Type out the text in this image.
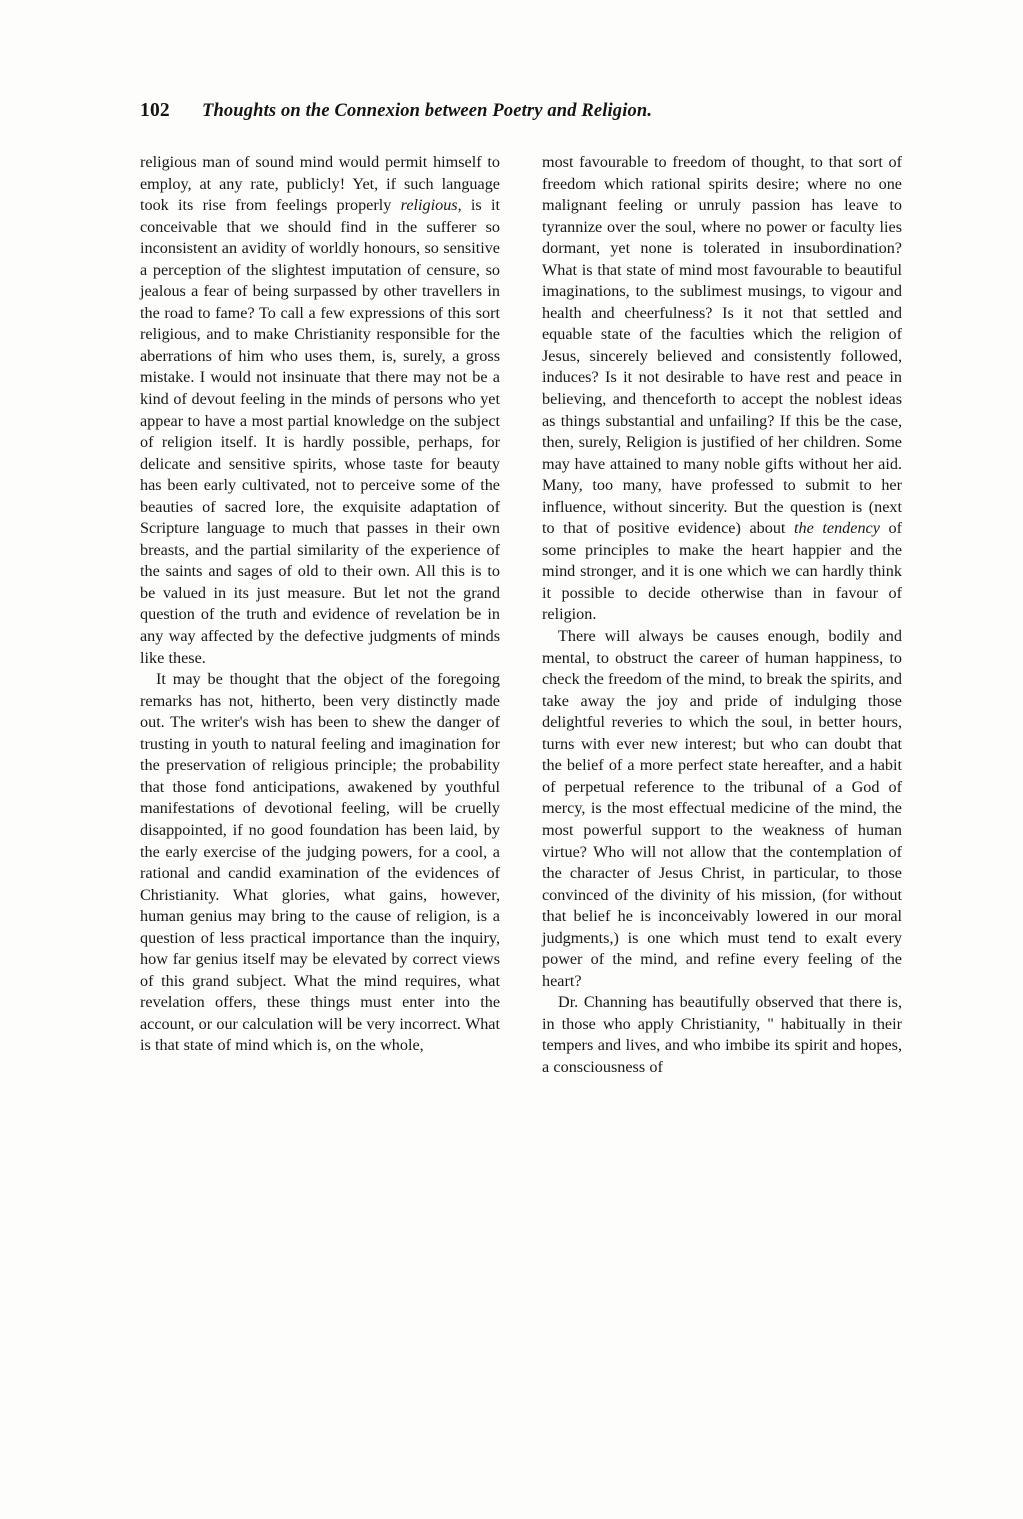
102	Thoughts on the Connexion between Poetry and Religion.

religious man of sound mind would permit himself to employ, at any rate, publicly! Yet, if such language took its rise from feelings properly religious, is it conceivable that we should find in the sufferer so inconsistent an avidity of worldly honours, so sensitive a perception of the slightest imputation of censure, so jealous a fear of being surpassed by other travellers in the road to fame? To call a few expressions of this sort religious, and to make Christianity responsible for the aberrations of him who uses them, is, surely, a gross mistake. I would not insinuate that there may not be a kind of devout feeling in the minds of persons who yet appear to have a most partial knowledge on the subject of religion itself. It is hardly possible, perhaps, for delicate and sensitive spirits, whose taste for beauty has been early cultivated, not to perceive some of the beauties of sacred lore, the exquisite adaptation of Scripture language to much that passes in their own breasts, and the partial similarity of the experience of the saints and sages of old to their own. All this is to be valued in its just measure. But let not the grand question of the truth and evidence of revelation be in any way affected by the defective judgments of minds like these.

It may be thought that the object of the foregoing remarks has not, hitherto, been very distinctly made out. The writer's wish has been to shew the danger of trusting in youth to natural feeling and imagination for the preservation of religious principle; the probability that those fond anticipations, awakened by youthful manifestations of devotional feeling, will be cruelly disappointed, if no good foundation has been laid, by the early exercise of the judging powers, for a cool, a rational and candid examination of the evidences of Christianity. What glories, what gains, however, human genius may bring to the cause of religion, is a question of less practical importance than the inquiry, how far genius itself may be elevated by correct views of this grand subject. What the mind requires, what revelation offers, these things must enter into the account, or our calculation will be very incorrect. What is that state of mind which is, on the whole,

most favourable to freedom of thought, to that sort of freedom which rational spirits desire; where no one malignant feeling or unruly passion has leave to tyrannize over the soul, where no power or faculty lies dormant, yet none is tolerated in insubordination? What is that state of mind most favourable to beautiful imaginations, to the sublimest musings, to vigour and health and cheerfulness? Is it not that settled and equable state of the faculties which the religion of Jesus, sincerely believed and consistently followed, induces? Is it not desirable to have rest and peace in believing, and thenceforth to accept the noblest ideas as things substantial and unfailing? If this be the case, then, surely, Religion is justified of her children. Some may have attained to many noble gifts without her aid. Many, too many, have professed to submit to her influence, without sincerity. But the question is (next to that of positive evidence) about the tendency of some principles to make the heart happier and the mind stronger, and it is one which we can hardly think it possible to decide otherwise than in favour of religion.

There will always be causes enough, bodily and mental, to obstruct the career of human happiness, to check the freedom of the mind, to break the spirits, and take away the joy and pride of indulging those delightful reveries to which the soul, in better hours, turns with ever new interest; but who can doubt that the belief of a more perfect state hereafter, and a habit of perpetual reference to the tribunal of a God of mercy, is the most effectual medicine of the mind, the most powerful support to the weakness of human virtue? Who will not allow that the contemplation of the character of Jesus Christ, in particular, to those convinced of the divinity of his mission, (for without that belief he is inconceivably lowered in our moral judgments,) is one which must tend to exalt every power of the mind, and refine every feeling of the heart?

Dr. Channing has beautifully observed that there is, in those who apply Christianity, " habitually in their tempers and lives, and who imbibe its spirit and hopes, a consciousness of
